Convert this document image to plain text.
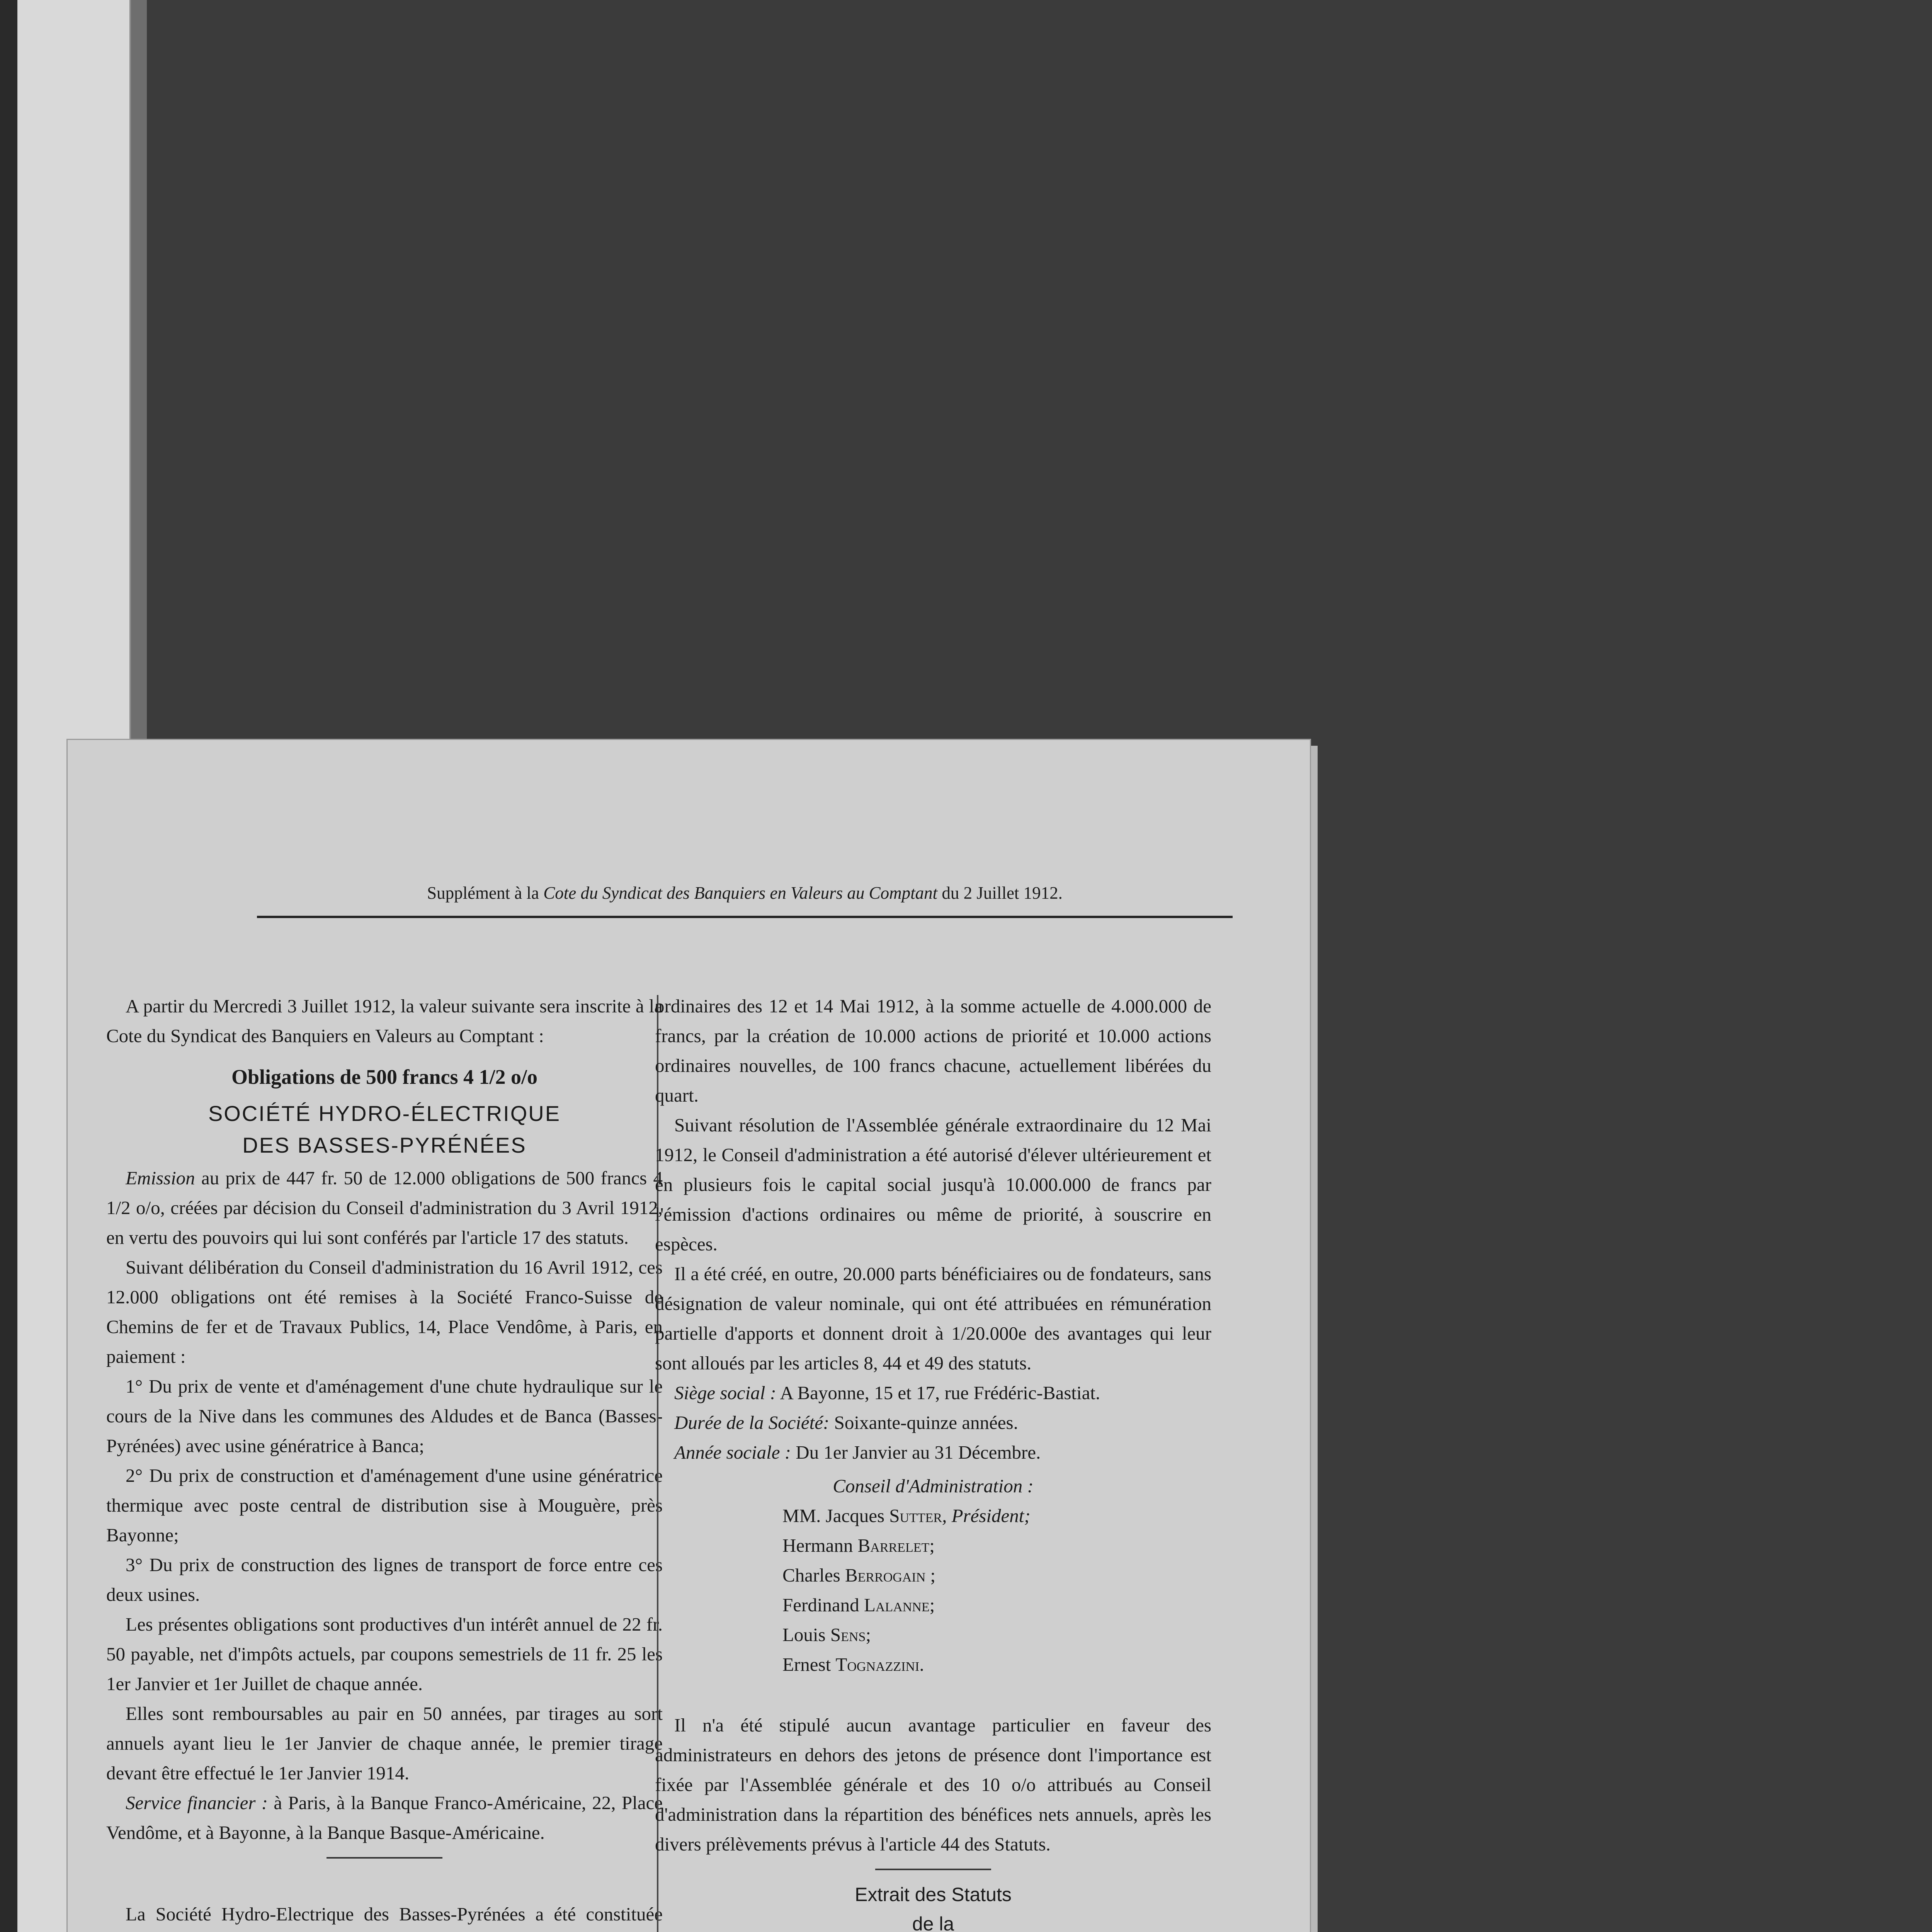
Supplément à la Cote du Syndicat des Banquiers en Valeurs au Comptant du 2 Juillet 1912.

A partir du Mercredi 3 Juillet 1912, la valeur suivante sera inscrite à la Cote du Syndicat des Banquiers en Valeurs au Comptant :

Obligations de 500 francs 4 1/2 o/o
SOCIÉTÉ HYDRO-ÉLECTRIQUE
DES BASSES-PYRÉNÉES

Emission au prix de 447 fr. 50 de 12.000 obligations de 500 francs 4 1/2 o/o, créées par décision du Conseil d'administration du 3 Avril 1912, en vertu des pouvoirs qui lui sont conférés par l'article 17 des statuts.

Suivant délibération du Conseil d'administration du 16 Avril 1912, ces 12.000 obligations ont été remises à la Société Franco-Suisse de Chemins de fer et de Travaux Publics, 14, Place Vendôme, à Paris, en paiement :

1° Du prix de vente et d'aménagement d'une chute hydraulique sur le cours de la Nive dans les communes des Aldudes et de Banca (Basses-Pyrénées) avec usine génératrice à Banca;

2° Du prix de construction et d'aménagement d'une usine génératrice thermique avec poste central de distribution sise à Mouguère, près Bayonne;

3° Du prix de construction des lignes de transport de force entre ces deux usines.

Les présentes obligations sont productives d'un intérêt annuel de 22 fr. 50 payable, net d'impôts actuels, par coupons semestriels de 11 fr. 25 les 1er Janvier et 1er Juillet de chaque année.

Elles sont remboursables au pair en 50 années, par tirages au sort annuels ayant lieu le 1er Janvier de chaque année, le premier tirage devant être effectué le 1er Janvier 1914.

Service financier : à Paris, à la Banque Franco-Américaine, 22, Place Vendôme, et à Bayonne, à la Banque Basque-Américaine.

La Société Hydro-Electrique des Basses-Pyrénées a été constituée

ordinaires des 12 et 14 Mai 1912, à la somme actuelle de 4.000.000 de francs, par la création de 10.000 actions de priorité et 10.000 actions ordinaires nouvelles, de 100 francs chacune, actuellement libérées du quart.

Suivant résolution de l'Assemblée générale extraordinaire du 12 Mai 1912, le Conseil d'administration a été autorisé d'élever ultérieurement et en plusieurs fois le capital social jusqu'à 10.000.000 de francs par l'émission d'actions ordinaires ou même de priorité, à souscrire en espèces.

Il a été créé, en outre, 20.000 parts bénéficiaires ou de fondateurs, sans désignation de valeur nominale, qui ont été attribuées en rémunération partielle d'apports et donnent droit à 1/20.000e des avantages qui leur sont alloués par les articles 8, 44 et 49 des statuts.

Siège social : A Bayonne, 15 et 17, rue Frédéric-Bastiat.

Durée de la Société: Soixante-quinze années.

Année sociale : Du 1er Janvier au 31 Décembre.

Conseil d'Administration :
MM. Jacques Sutter, Président;
Hermann Barrelet;
Charles Berrogain ;
Ferdinand Lalanne;
Louis Sens;
Ernest Tognazzini.

Il n'a été stipulé aucun avantage particulier en faveur des administrateurs en dehors des jetons de présence dont l'importance est fixée par l'Assemblée générale et des 10 o/o attribués au Conseil d'administration dans la répartition des bénéfices nets annuels, après les divers prélèvements prévus à l'article 44 des Statuts.

Extrait des Statuts
de la
